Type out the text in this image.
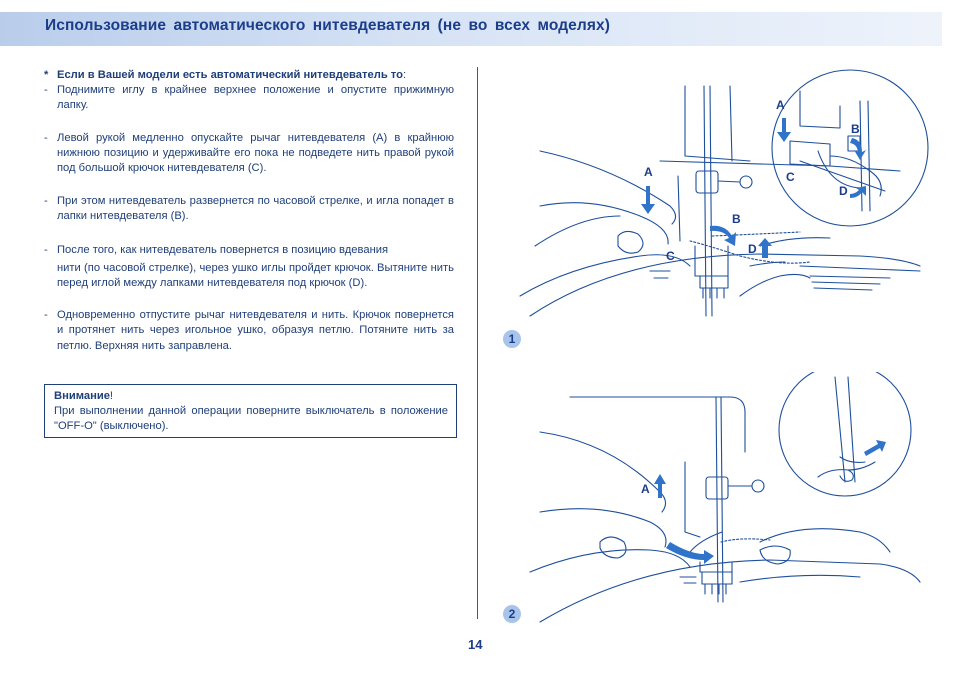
Использование автоматического нитевдевателя (не во всех моделях)

* Если в Вашей модели есть автоматический нитевдеватель то:

- Поднимите иглу в крайнее верхнее положение и опустите прижимную лапку.

- Левой рукой медленно опускайте рычаг нитевдевателя (А) в крайнюю нижнюю позицию и удерживайте его пока не подведете нить правой рукой под большой крючок нитевдевателя (С).

- При этом нитевдеватель развернется по часовой стрелке, и игла попадет в лапки нитевдевателя (В).

- После того, как нитевдеватель повернется в позицию вдевания
нити (по часовой стрелке), через ушко иглы пройдет крючок. Вытяните нить перед иглой между лапками нитевдевателя под крючок (D).

- Одновременно отпустите рычаг нитевдевателя и нить. Крючок повернется и протянет нить через игольное ушко, образуя петлю. Потяните нить за петлю. Верхняя нить заправлена.

Внимание!

При выполнении данной операции поверните выключатель в положение "OFF-O" (выключено).

A
B
C	D
A
B
C
D
1
A
2
14
